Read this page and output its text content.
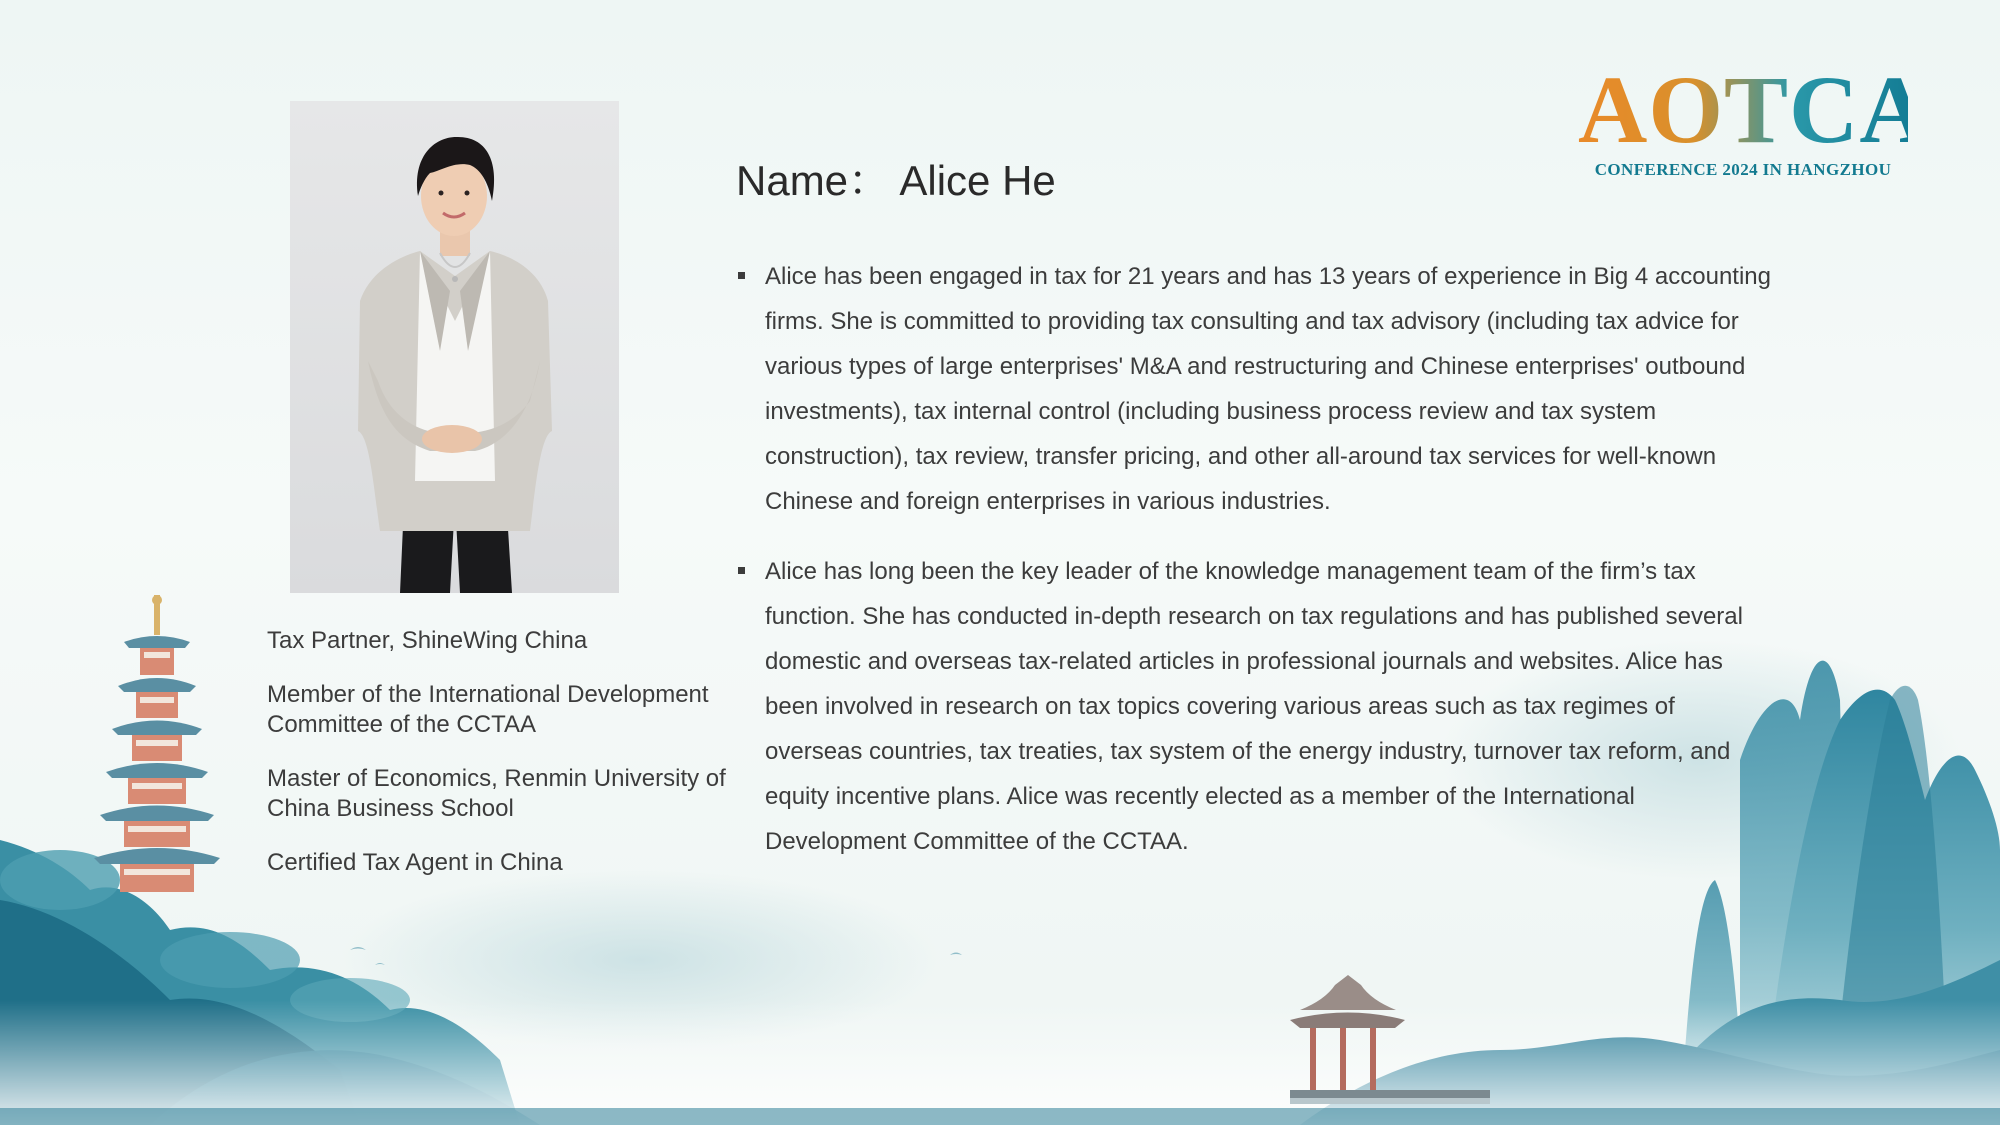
AOTCA
CONFERENCE 2024 IN HANGZHOU
Tax Partner, ShineWing China
Member of the International Development Committee of the CCTAA
Master of Economics, Renmin University of China Business School
Certified Tax Agent in China
Name： Alice He
Alice has been engaged in tax for 21 years and has 13 years of experience in Big 4 accounting firms. She is committed to providing tax consulting and tax advisory (including tax advice for various types of large enterprises' M&A and restructuring and Chinese enterprises' outbound investments), tax internal control (including business process review and tax system construction), tax review, transfer pricing, and other all-around tax services for well-known Chinese and foreign enterprises in various industries.
Alice has long been the key leader of the knowledge management team of the firm’s tax function. She has conducted in-depth research on tax regulations and has published several domestic and overseas tax-related articles in professional journals and websites. Alice has been involved in research on tax topics covering various areas such as tax regimes of overseas countries, tax treaties, tax system of the energy industry, turnover tax reform, and equity incentive plans. Alice was recently elected as a member of the International Development Committee of the CCTAA.
